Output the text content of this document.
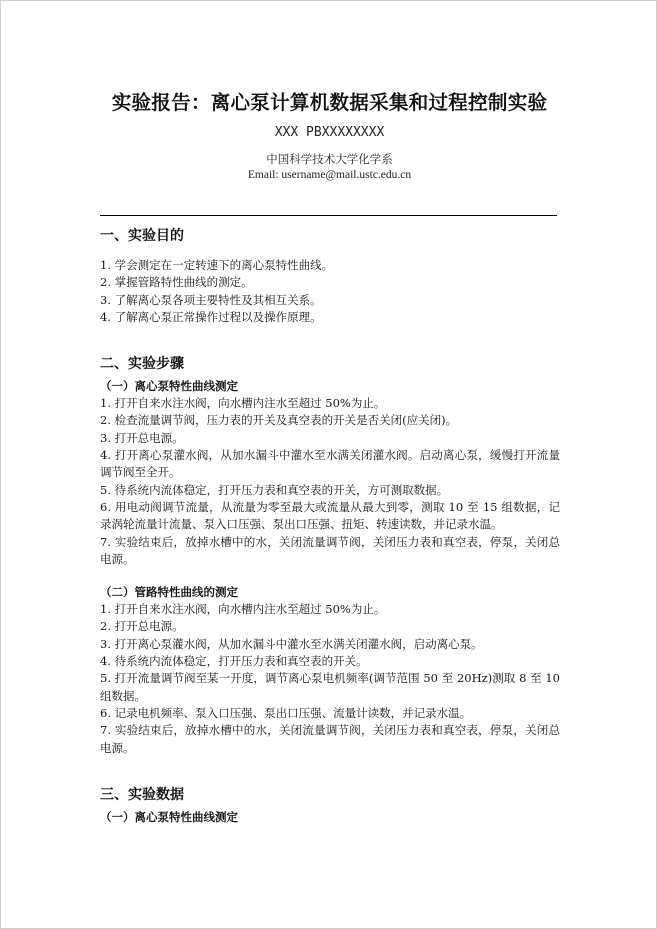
实验报告：离心泵计算机数据采集和过程控制实验
XXX PBXXXXXXXX
中国科学技术大学化学系
Email: username@mail.ustc.edu.cn
一、实验目的

1. 学会测定在一定转速下的离心泵特性曲线。

2. 掌握管路特性曲线的测定。

3. 了解离心泵各项主要特性及其相互关系。

4. 了解离心泵正常操作过程以及操作原理。

二、实验步骤
（一）离心泵特性曲线测定

1. 打开自来水注水阀，向水槽内注水至超过 50%为止。

2. 检查流量调节阀，压力表的开关及真空表的开关是否关闭(应关闭)。

3. 打开总电源。

4. 打开离心泵灌水阀，从加水漏斗中灌水至水满关闭灌水阀。启动离心泵，缓慢打开流量调节阀至全开。

5. 待系统内流体稳定，打开压力表和真空表的开关，方可测取数据。

6. 用电动阀调节流量，从流量为零至最大或流量从最大到零，测取 10 至 15 组数据，记录涡轮流量计流量、泵入口压强、泵出口压强、扭矩、转速读数，并记录水温。

7. 实验结束后，放掉水槽中的水，关闭流量调节阀，关闭压力表和真空表，停泵，关闭总电源。

（二）管路特性曲线的测定

1. 打开自来水注水阀，向水槽内注水至超过 50%为止。

2. 打开总电源。

3. 打开离心泵灌水阀，从加水漏斗中灌水至水满关闭灌水阀，启动离心泵。

4. 待系统内流体稳定，打开压力表和真空表的开关。

5. 打开流量调节阀至某一开度，调节离心泵电机频率(调节范围 50 至 20Hz)测取 8 至 10 组数据。

6. 记录电机频率、泵入口压强、泵出口压强、流量计读数，并记录水温。

7. 实验结束后，放掉水槽中的水，关闭流量调节阀，关闭压力表和真空表，停泵，关闭总电源。

三、实验数据
（一）离心泵特性曲线测定
